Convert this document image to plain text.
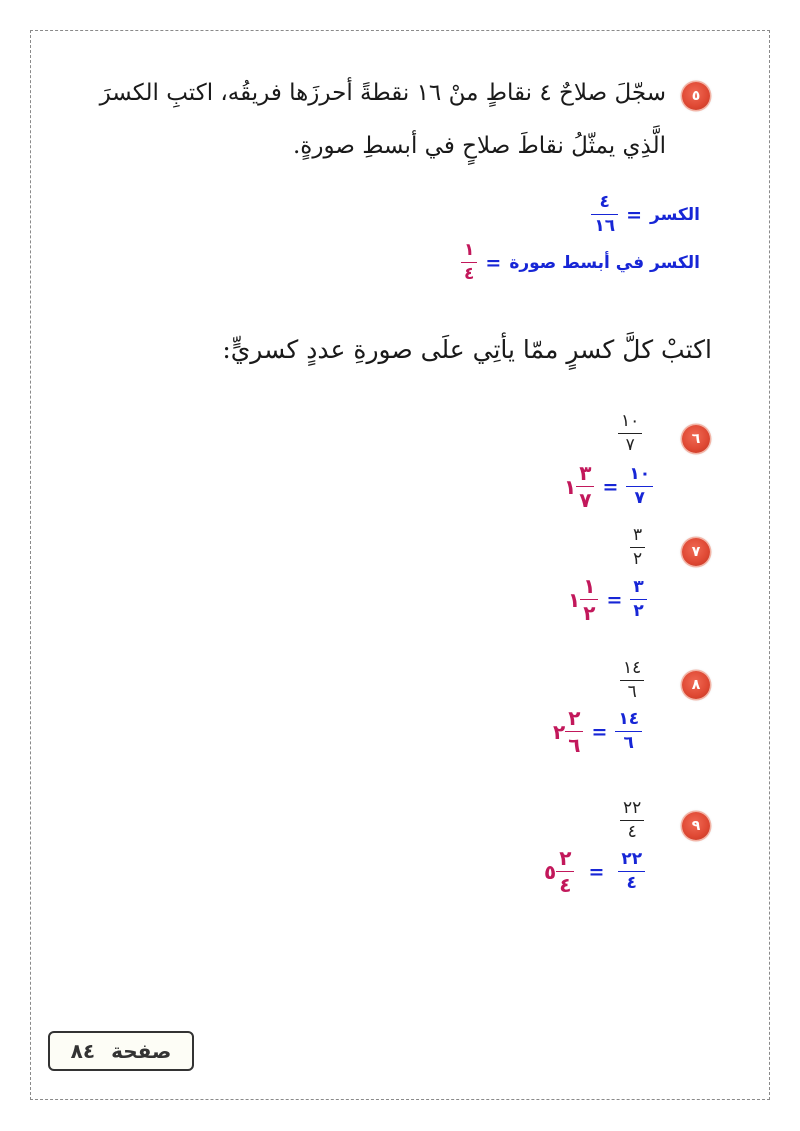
٥
سجّلَ صلاحٌ ٤ نقاطٍ منْ ١٦ نقطةً أحرزَها فريقُه، اكتبِ الكسرَ
الَّذِي يمثّلُ نقاطَ صلاحٍ في أبسطِ صورةٍ.
الكسر
=
$\frac{٤}{١٦}$
الكسر في أبسط صورة
=
$\frac{١}{٤}$
اكتبْ كلَّ كسرٍ ممّا يأتِي علَى صورةِ عددٍ كسريٍّ:
٦
١٠
٧
$\frac{١٠}{٧}$
=
$\frac{٣}{٧}$
١
٧
٣
٢
$\frac{٣}{٢}$
=
$\frac{١}{٢}$
١
٨
١٤
٦
$\frac{١٤}{٦}$
=
$\frac{٢}{٦}$
٢
٩
٢٢
٤
$\frac{٢٢}{٤}$
=
$\frac{٢}{٤}$
٥
صفحة
٨٤
